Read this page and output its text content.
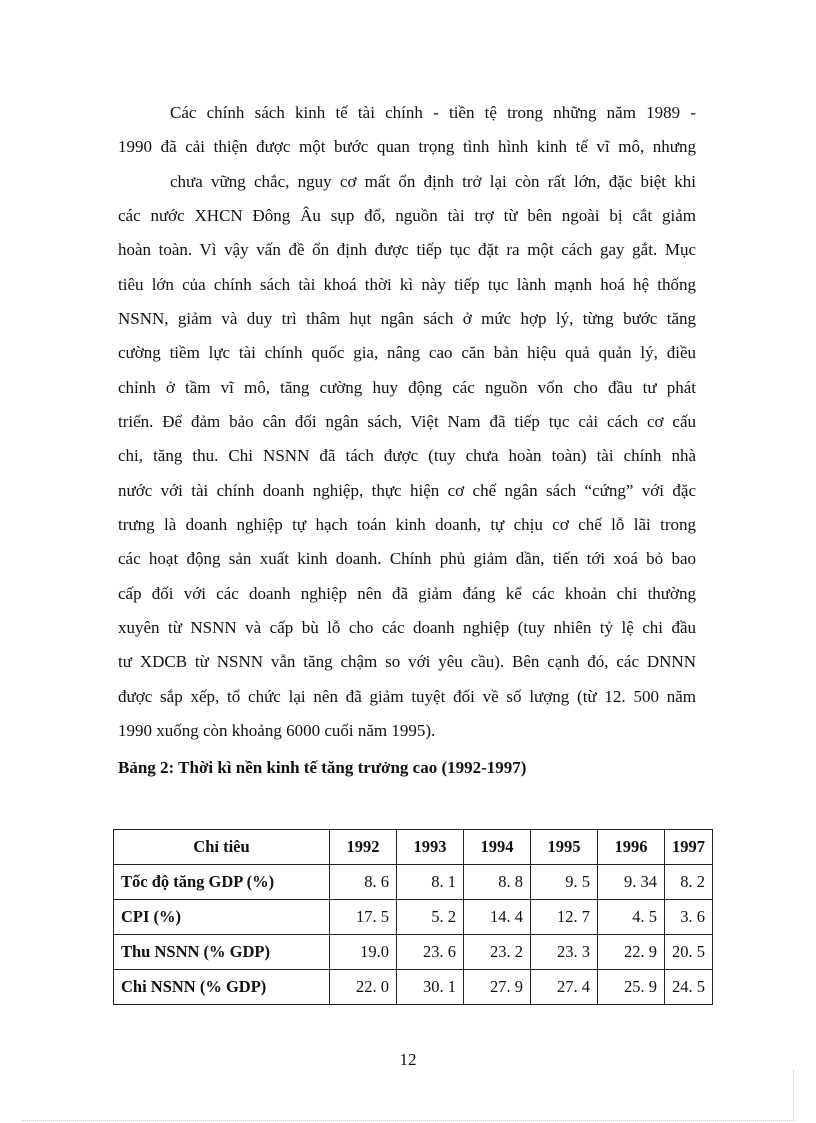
Các chính sách kinh tế tài chính - tiền tệ trong những năm 1989 -
1990 đã cải thiện được một bước quan trọng tình hình kinh tế vĩ mô, nhưng
chưa vững chắc, nguy cơ mất ổn định trở lại còn rất lớn, đặc biệt khi
các nước XHCN Đông Âu sụp đổ, nguồn tài trợ từ bên ngoài bị cắt giảm
hoàn toàn. Vì vậy vấn đề ổn định được tiếp tục đặt ra một cách gay gắt. Mục
tiêu lớn của chính sách tài khoá thời kì này tiếp tục lành mạnh hoá hệ thống
NSNN, giảm và duy trì thâm hụt ngân sách ở mức hợp lý, từng bước tăng
cường tiềm lực tài chính quốc gia, nâng cao căn bản hiệu quả quản lý, điều
chỉnh ở tầm vĩ mô, tăng cường huy động các nguồn vốn cho đầu tư phát
triển. Để đảm bảo cân đối ngân sách, Việt Nam đã tiếp tục cải cách cơ cấu
chi, tăng thu. Chi NSNN đã tách được (tuy chưa hoàn toàn) tài chính nhà
nước với tài chính doanh nghiệp, thực hiện cơ chế ngân sách “cứng” với đặc
trưng là doanh nghiệp tự hạch toán kinh doanh, tự chịu cơ chế lỗ lãi trong
các hoạt động sản xuất kinh doanh. Chính phủ giảm dần, tiến tới xoá bỏ bao
cấp đối với các doanh nghiệp nên đã giảm đáng kể các khoản chi thường
xuyên từ NSNN và cấp bù lỗ cho các doanh nghiệp (tuy nhiên tỷ lệ chi đầu
tư XDCB từ NSNN vẫn tăng chậm so với yêu cầu). Bên cạnh đó, các DNNN
được sắp xếp, tổ chức lại nên đã giảm tuyệt đối về số lượng (từ 12. 500 năm
1990 xuống còn khoảng 6000 cuối năm 1995).
Bảng 2: Thời kì nền kinh tế tăng trưởng cao (1992-1997)
Chỉ tiêu	1992	1993	1994	1995	1996	1997
Tốc độ tăng GDP (%)	8. 6	8. 1	8. 8	9. 5	9. 34	8. 2
CPI (%)	17. 5	5. 2	14. 4	12. 7	4. 5	3. 6
Thu NSNN (% GDP)	19.0	23. 6	23. 2	23. 3	22. 9	20. 5
Chi NSNN (% GDP)	22. 0	30. 1	27. 9	27. 4	25. 9	24. 5
12
